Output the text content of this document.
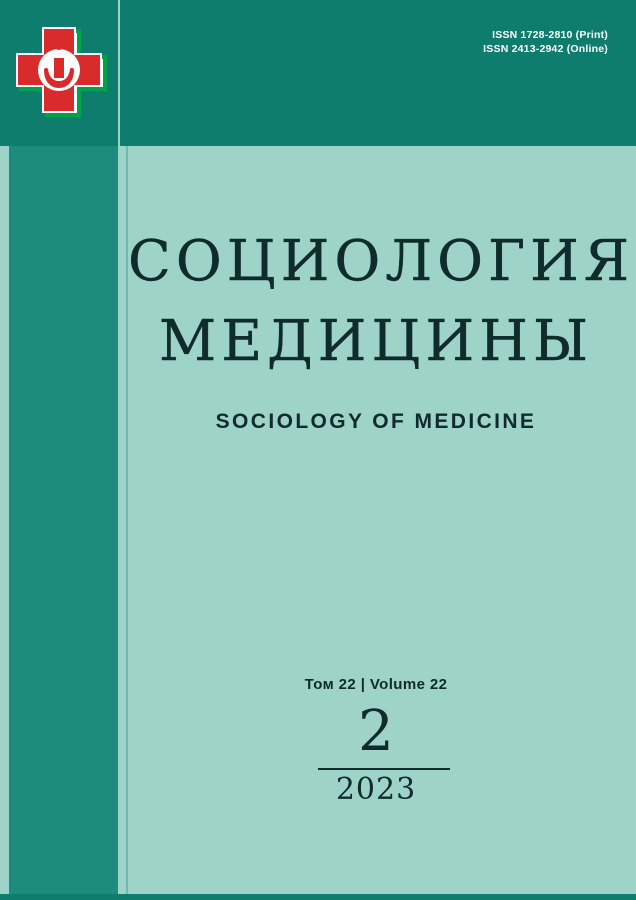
ISSN 1728-2810 (Print)
ISSN 2413-2942 (Online)
СОЦИОЛОГИЯ
МЕДИЦИНЫ
SOCIOLOGY OF MEDICINE
Том 22 | Volume 22
2
2023
